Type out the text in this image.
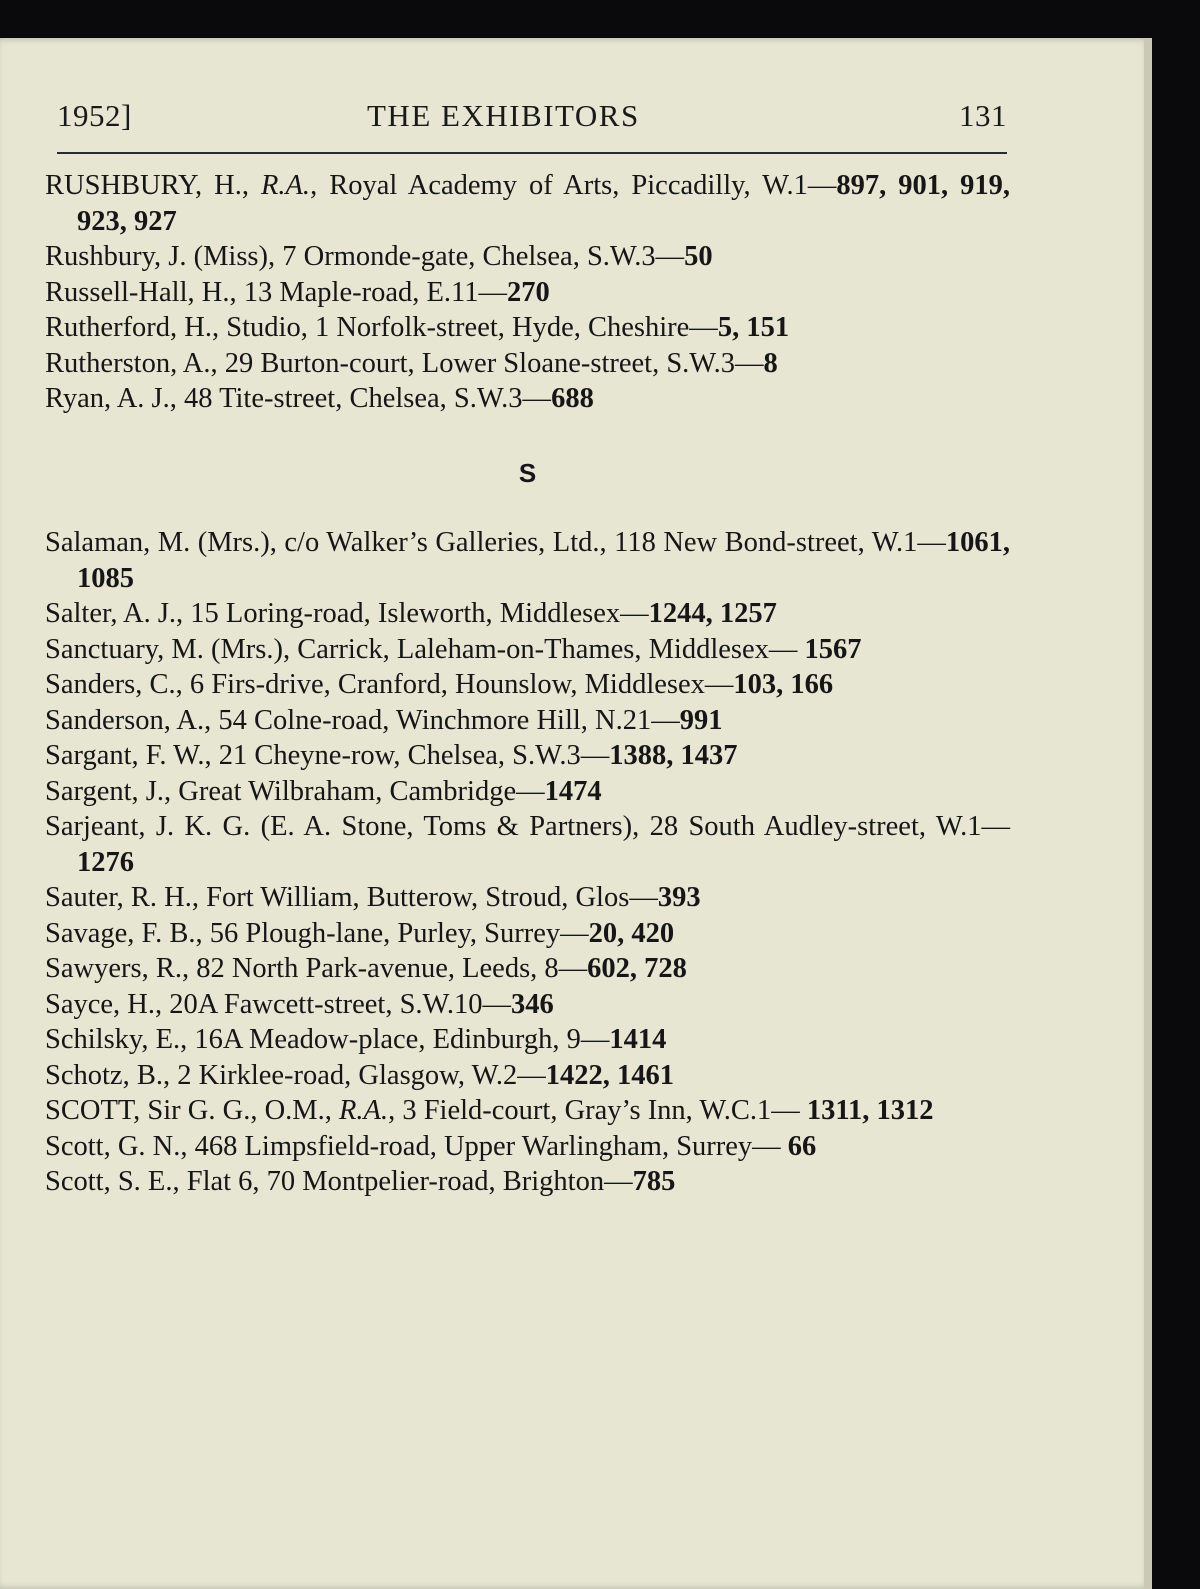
1952]	THE EXHIBITORS	131
RUSHBURY, H., R.A., Royal Academy of Arts, Piccadilly, W.1—897, 901, 919, 923, 927
Rushbury, J. (Miss), 7 Ormonde-gate, Chelsea, S.W.3—50
Russell-Hall, H., 13 Maple-road, E.11—270
Rutherford, H., Studio, 1 Norfolk-street, Hyde, Cheshire—5, 151
Rutherston, A., 29 Burton-court, Lower Sloane-street, S.W.3—8
Ryan, A. J., 48 Tite-street, Chelsea, S.W.3—688
S
Salaman, M. (Mrs.), c/o Walker’s Galleries, Ltd., 118 New Bond-street, W.1—1061, 1085
Salter, A. J., 15 Loring-road, Isleworth, Middlesex—1244, 1257
Sanctuary, M. (Mrs.), Carrick, Laleham-on-Thames, Middlesex— 1567
Sanders, C., 6 Firs-drive, Cranford, Hounslow, Middlesex—103, 166
Sanderson, A., 54 Colne-road, Winchmore Hill, N.21—991
Sargant, F. W., 21 Cheyne-row, Chelsea, S.W.3—1388, 1437
Sargent, J., Great Wilbraham, Cambridge—1474
Sarjeant, J. K. G. (E. A. Stone, Toms & Partners), 28 South Audley-street, W.1—1276
Sauter, R. H., Fort William, Butterow, Stroud, Glos—393
Savage, F. B., 56 Plough-lane, Purley, Surrey—20, 420
Sawyers, R., 82 North Park-avenue, Leeds, 8—602, 728
Sayce, H., 20A Fawcett-street, S.W.10—346
Schilsky, E., 16A Meadow-place, Edinburgh, 9—1414
Schotz, B., 2 Kirklee-road, Glasgow, W.2—1422, 1461
SCOTT, Sir G. G., O.M., R.A., 3 Field-court, Gray’s Inn, W.C.1— 1311, 1312
Scott, G. N., 468 Limpsfield-road, Upper Warlingham, Surrey— 66
Scott, S. E., Flat 6, 70 Montpelier-road, Brighton—785
